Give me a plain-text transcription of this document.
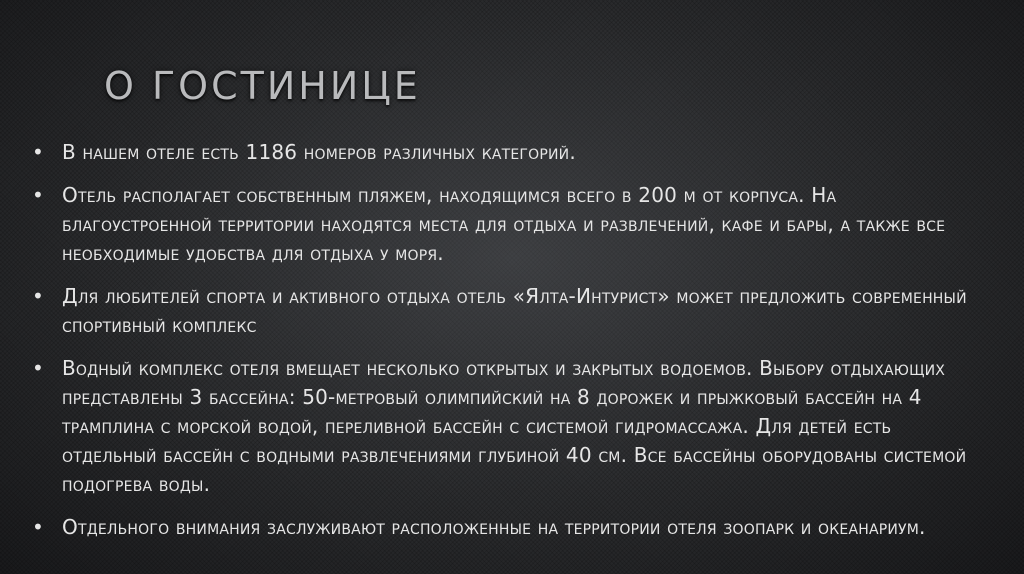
О ГОСТИНИЦЕ
• В нашем отеле есть 1186 номеров различных категорий.
• Отель располагает собственным пляжем, находящимся всего в 200 м от корпуса. На благоустроенной территории находятся места для отдыха и развлечений, кафе и бары, а также все необходимые удобства для отдыха у моря.
• Для любителей спорта и активного отдыха отель «Ялта-Интурист» может предложить современный спортивный комплекс
• Водный комплекс отеля вмещает несколько открытых и закрытых водоемов. Выбору отдыхающих представлены 3 бассейна: 50-метровый олимпийский на 8 дорожек и прыжковый бассейн на 4 трамплина с морской водой, переливной бассейн с системой гидромассажа. Для детей есть отдельный бассейн с водными развлечениями глубиной 40 см. Все бассейны оборудованы системой подогрева воды.
• Отдельного внимания заслуживают расположенные на территории отеля зоопарк и океанариум.
